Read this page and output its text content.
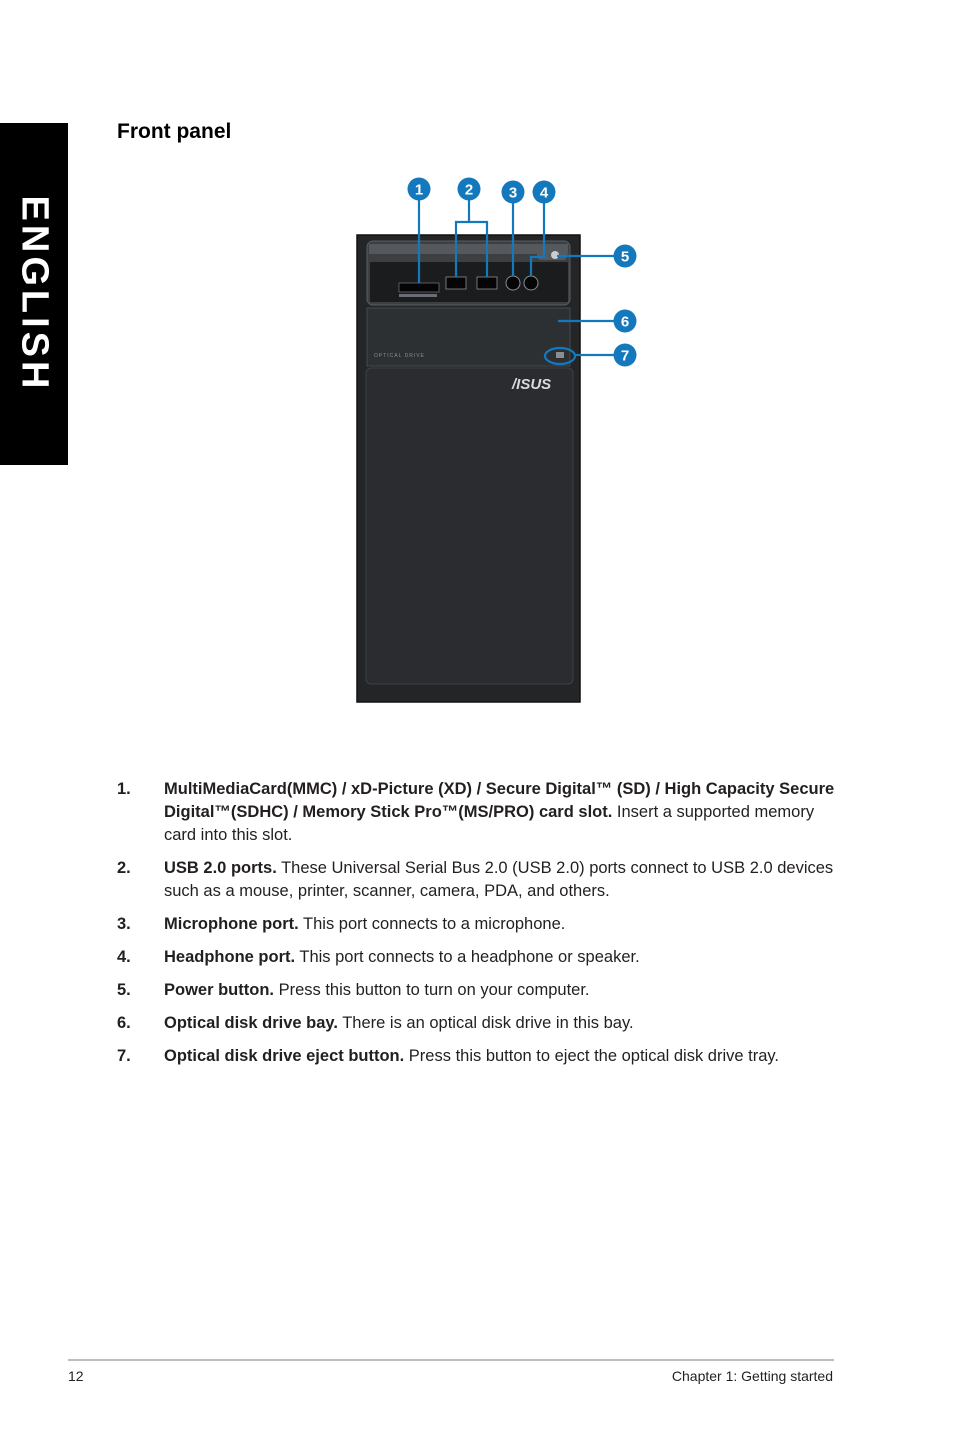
ENGLISH
Front panel
OPTICAL DRIVE
/ISUS
1	2 3 4
5
6
7
1. MultiMediaCard(MMC) / xD-Picture (XD) / Secure Digital™ (SD) / High Capacity Secure Digital™(SDHC) / Memory Stick Pro™(MS/PRO) card slot. Insert a supported memory card into this slot.
2. USB 2.0 ports. These Universal Serial Bus 2.0 (USB 2.0) ports connect to USB 2.0 devices such as a mouse, printer, scanner, camera, PDA, and others.
3. Microphone port. This port connects to a microphone.
4. Headphone port. This port connects to a headphone or speaker.
5. Power button. Press this button to turn on your computer.
6. Optical disk drive bay. There is an optical disk drive in this bay.
7. Optical disk drive eject button. Press this button to eject the optical disk drive tray.
12	Chapter 1: Getting started
